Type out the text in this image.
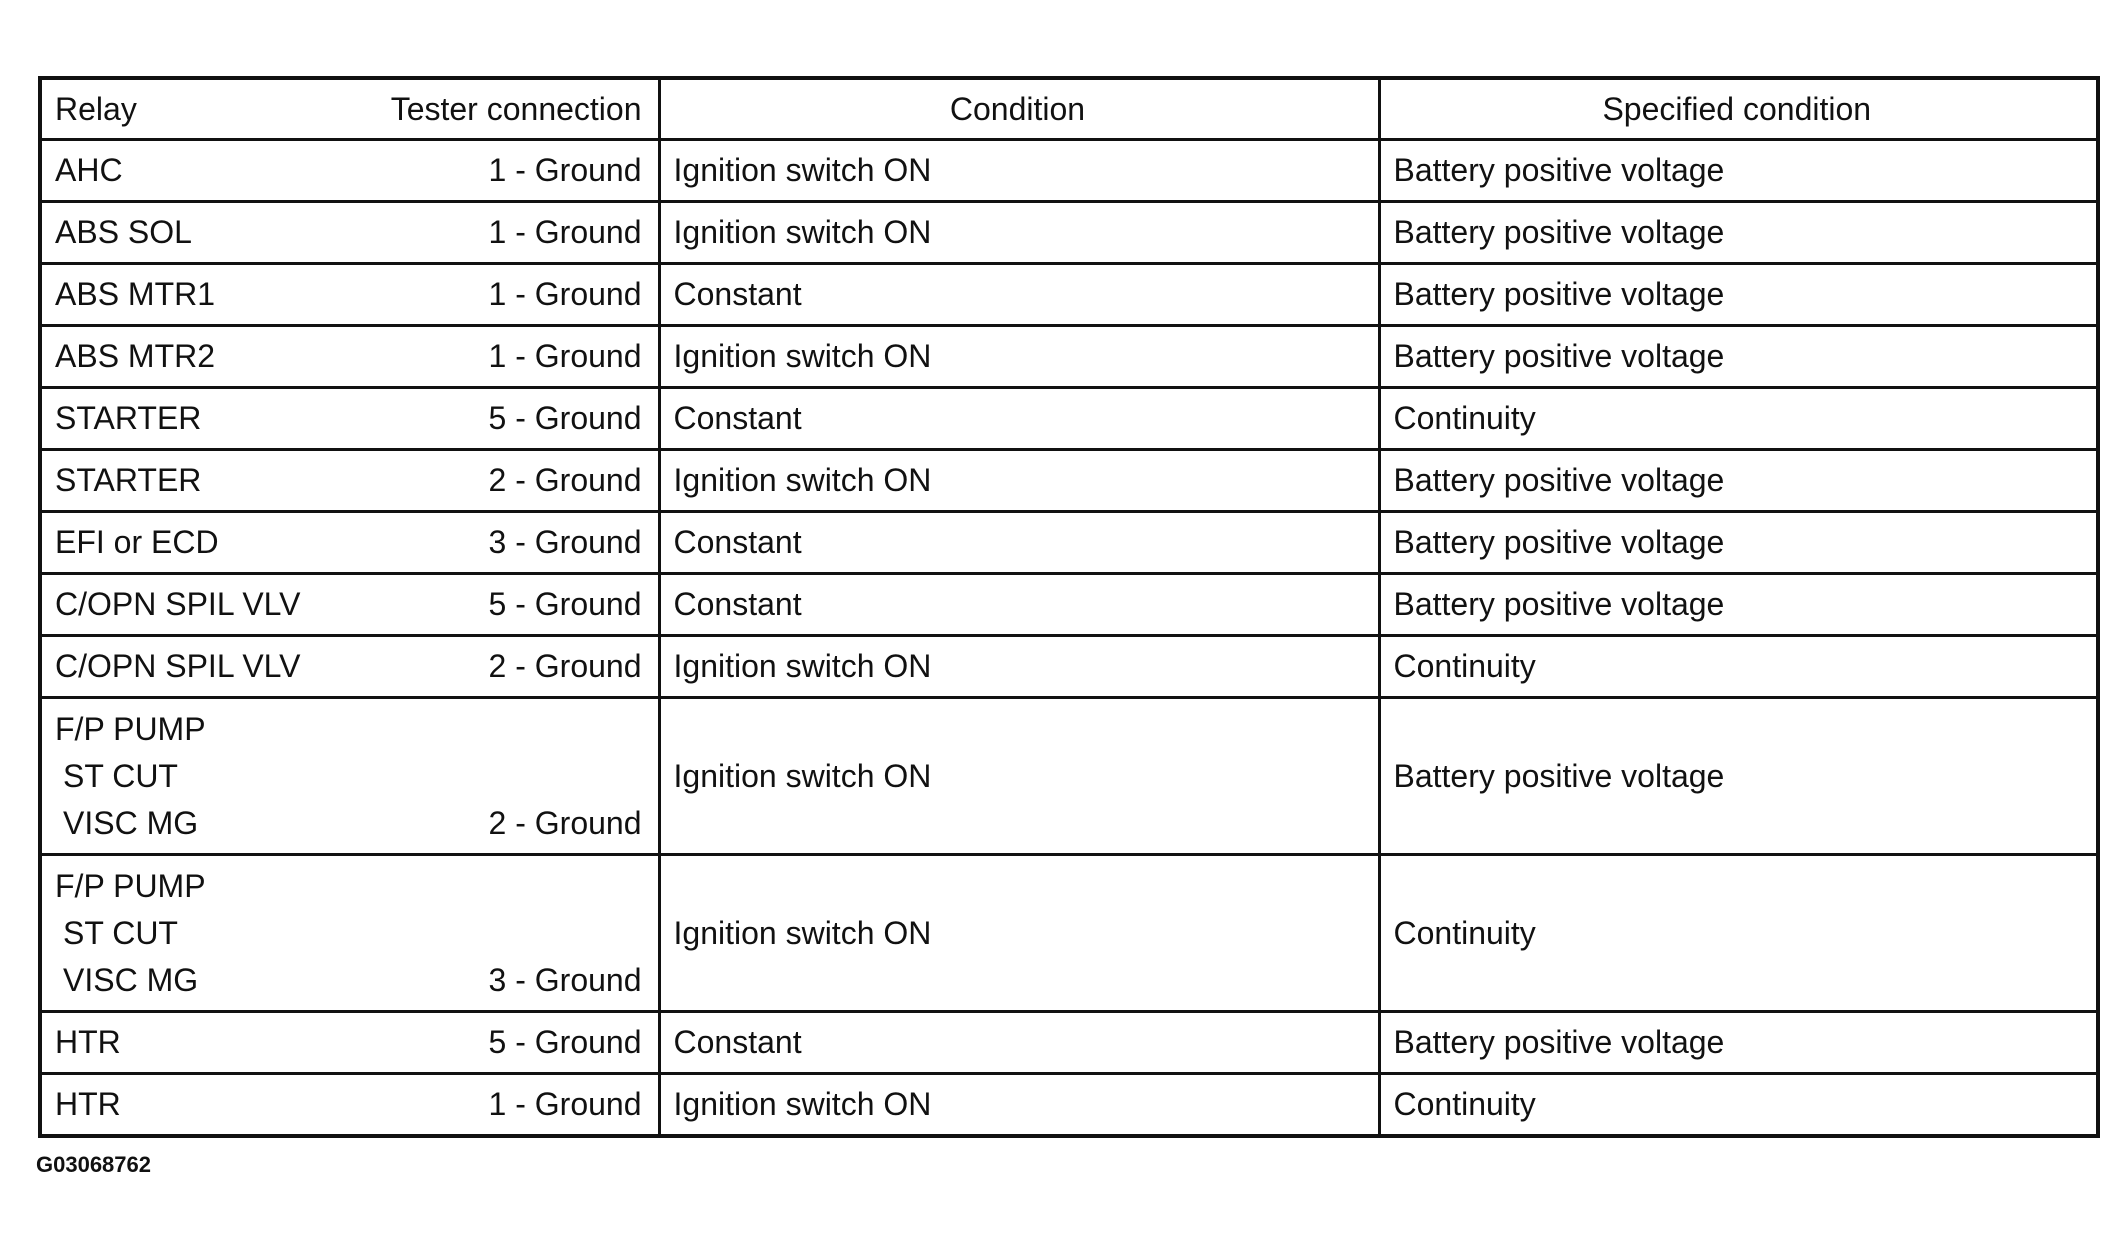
Relay Tester connection	Condition	Specified condition

AHC 1 - Ground	Ignition switch ON	Battery positive voltage

ABS SOL 1 - Ground	Ignition switch ON	Battery positive voltage

ABS MTR1 1 - Ground	Constant	Battery positive voltage

ABS MTR2 1 - Ground	Ignition switch ON	Battery positive voltage

STARTER 5 - Ground	Constant	Continuity

STARTER 2 - Ground	Ignition switch ON	Battery positive voltage

EFI or ECD 3 - Ground	Constant	Battery positive voltage

C/OPN SPIL VLV 5 - Ground	Constant	Battery positive voltage

C/OPN SPIL VLV 2 - Ground	Ignition switch ON	Continuity

F/P PUMP
ST CUT
VISC MG 2 - Ground	Ignition switch ON	Battery positive voltage

F/P PUMP
ST CUT
VISC MG 3 - Ground	Ignition switch ON	Continuity

HTR 5 - Ground	Constant	Battery positive voltage

HTR 1 - Ground	Ignition switch ON	Continuity
G03068762
